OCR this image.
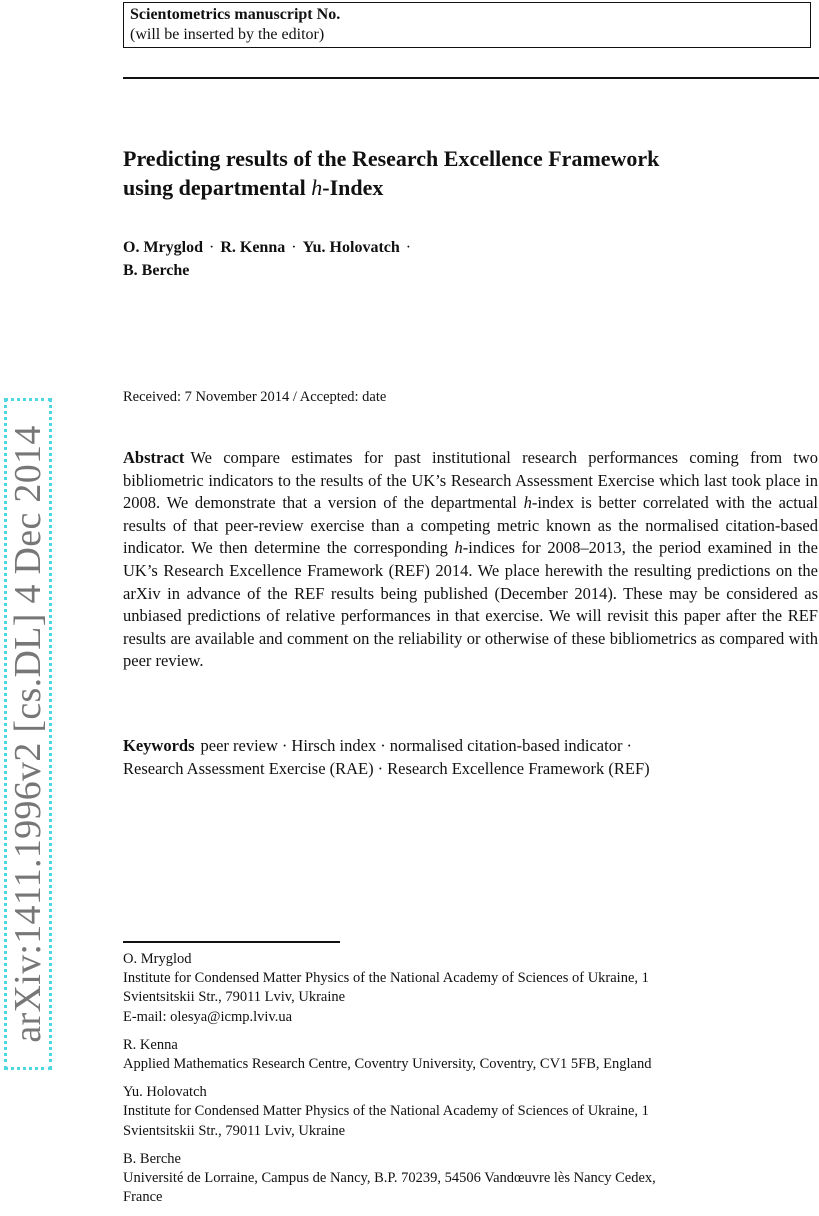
Scientometrics manuscript No.
(will be inserted by the editor)
Predicting results of the Research Excellence Framework
using departmental h-Index
O. Mryglod · R. Kenna · Yu. Holovatch ·
B. Berche
Received: 7 November 2014 / Accepted: date

Abstract We compare estimates for past institutional research performances coming from two bibliometric indicators to the results of the UK’s Research Assessment Exercise which last took place in 2008. We demonstrate that a version of the departmental h-index is better correlated with the actual results of that peer-review exercise than a competing metric known as the normalised citation-based indicator. We then determine the corresponding h-indices for 2008–2013, the period examined in the UK’s Research Excellence Framework (REF) 2014. We place herewith the resulting predictions on the arXiv in advance of the REF results being published (December 2014). These may be considered as unbiased predictions of relative performances in that exercise. We will revisit this paper after the REF results are available and comment on the reliability or otherwise of these bibliometrics as compared with peer review.

Keywords peer review · Hirsch index · normalised citation-based indicator ·
Research Assessment Exercise (RAE) · Research Excellence Framework (REF)

O. Mryglod
Institute for Condensed Matter Physics of the National Academy of Sciences of Ukraine, 1
Svientsitskii Str., 79011 Lviv, Ukraine
E-mail: olesya@icmp.lviv.ua
R. Kenna
Applied Mathematics Research Centre, Coventry University, Coventry, CV1 5FB, England
Yu. Holovatch
Institute for Condensed Matter Physics of the National Academy of Sciences of Ukraine, 1
Svientsitskii Str., 79011 Lviv, Ukraine
B. Berche
Université de Lorraine, Campus de Nancy, B.P. 70239, 54506 Vandœuvre lès Nancy Cedex,
France
arXiv:1411.1996v2 [cs.DL] 4 Dec 2014
